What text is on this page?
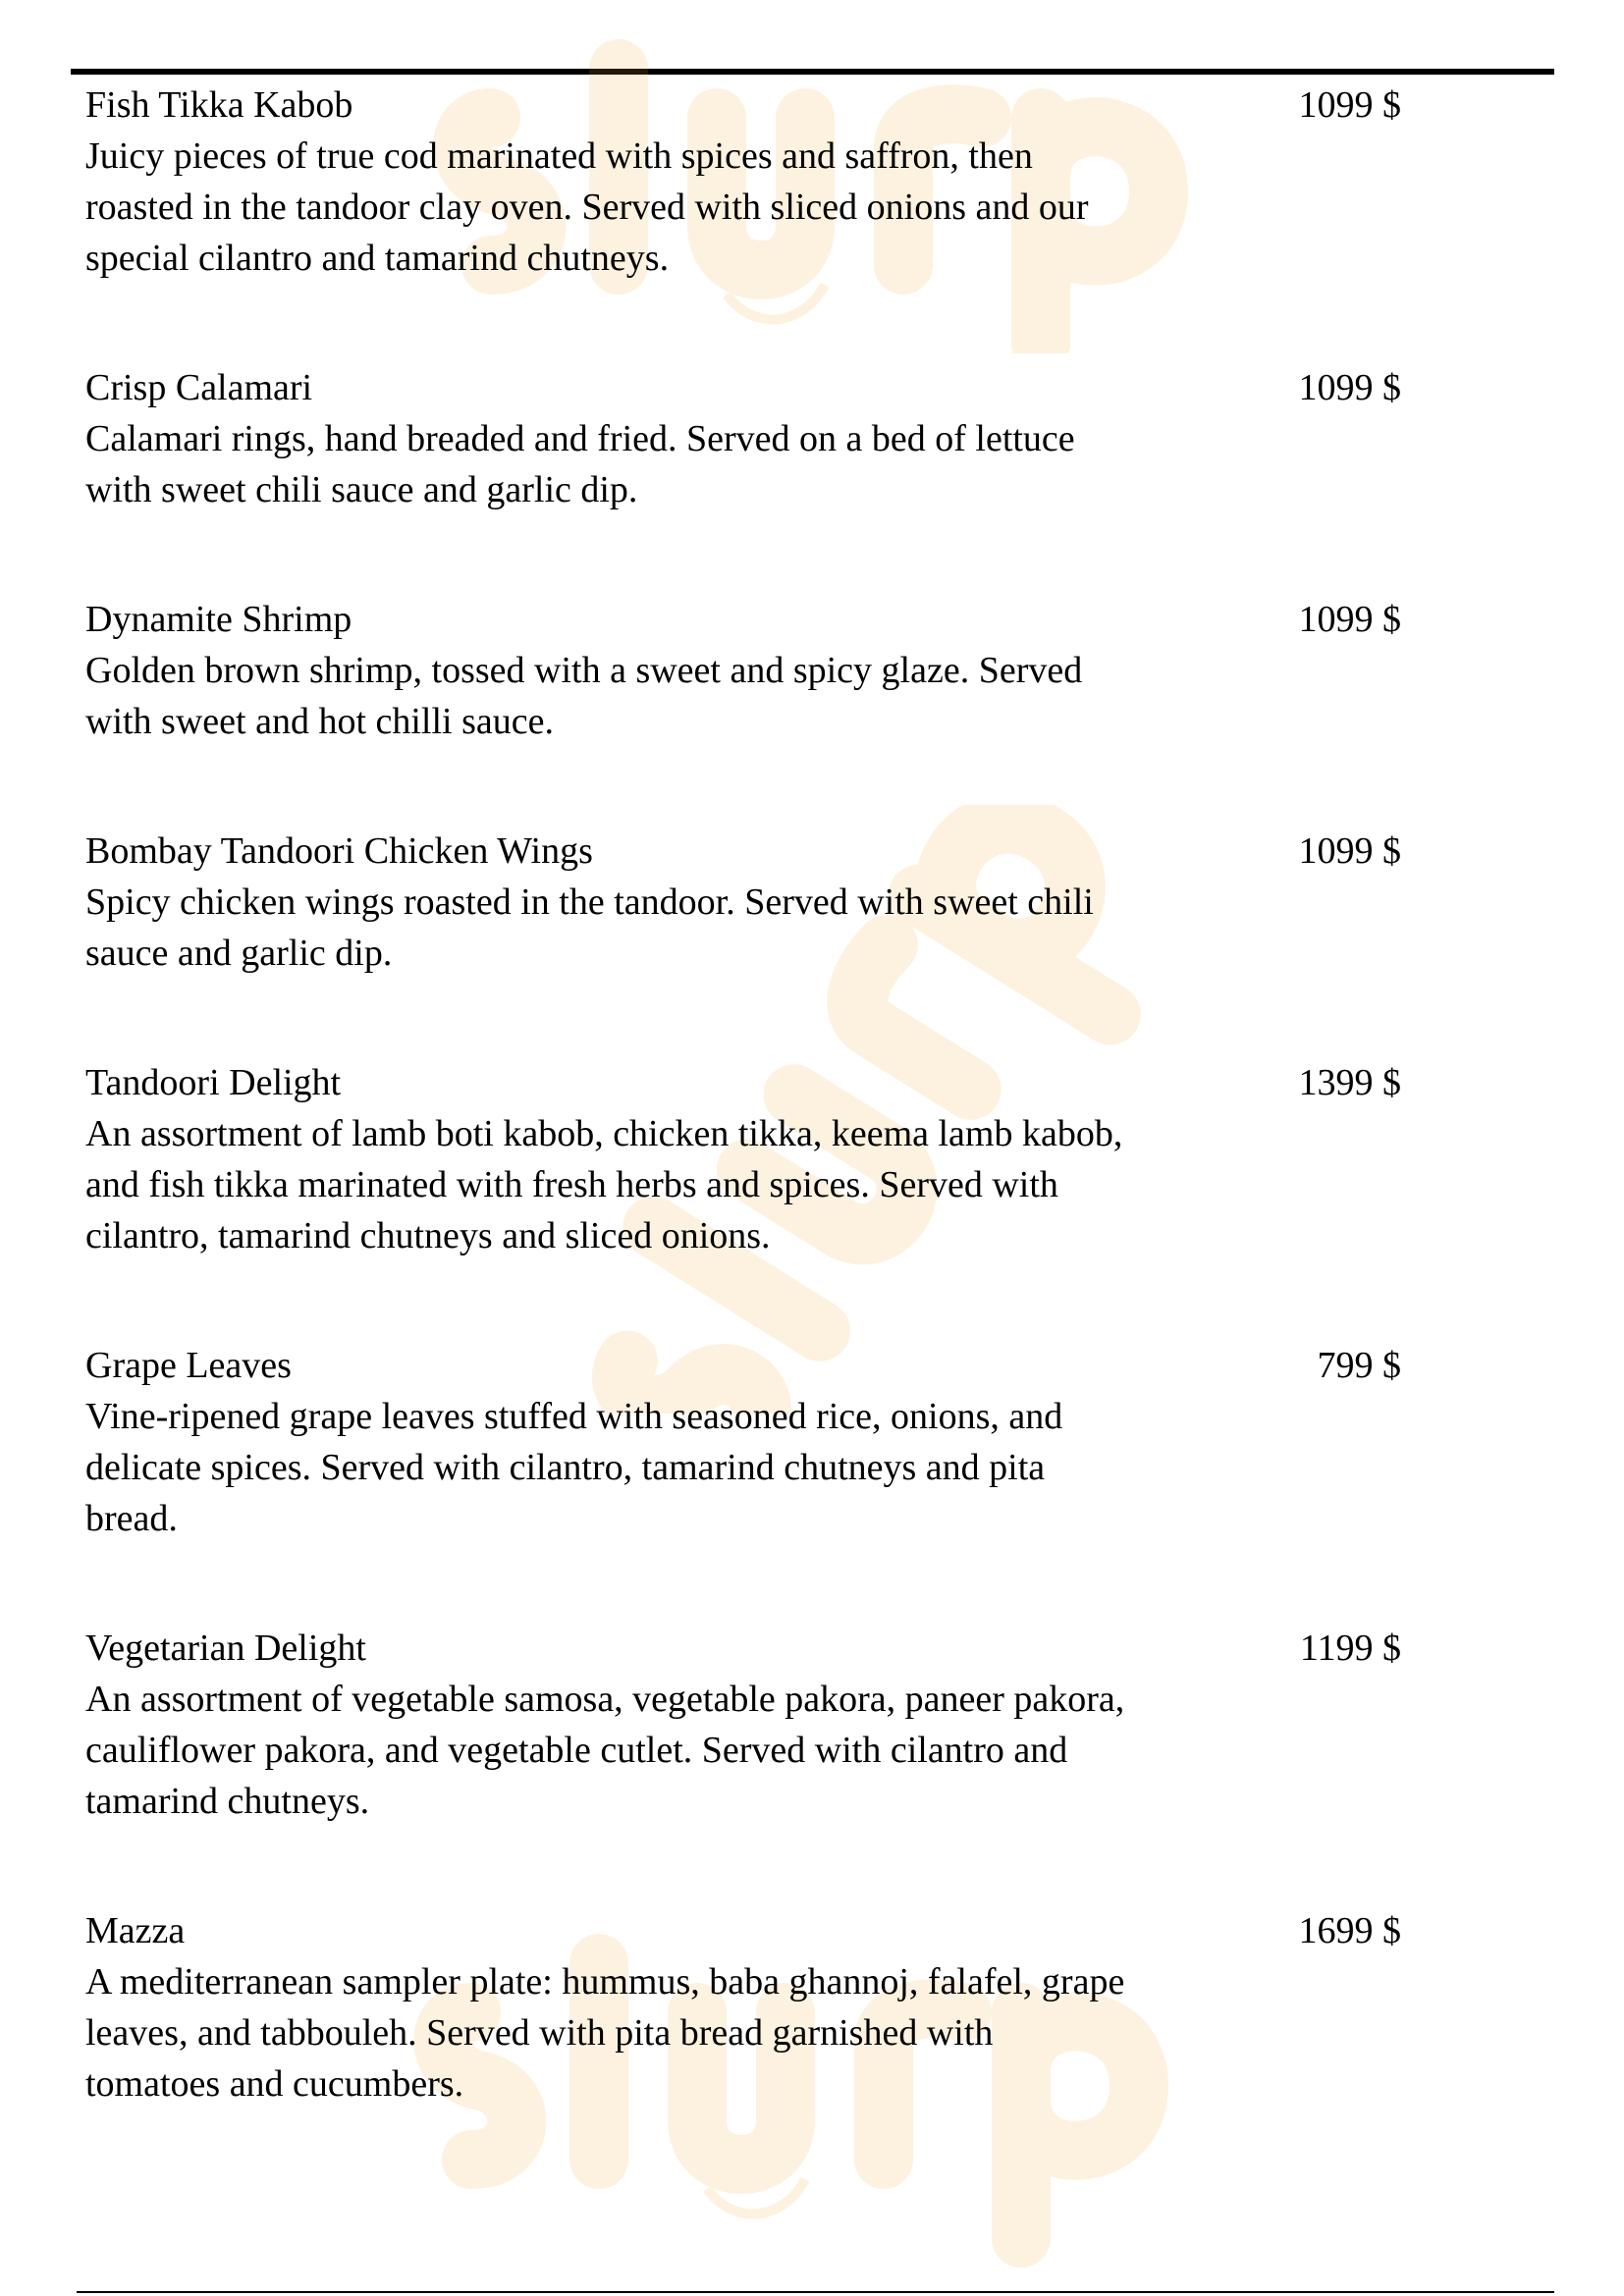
Fish Tikka Kabob
Juicy pieces of true cod marinated with spices and saffron, then
roasted in the tandoor clay oven. Served with sliced onions and our
special cilantro and tamarind chutneys.
1099 $
Crisp Calamari
Calamari rings, hand breaded and fried. Served on a bed of lettuce
with sweet chili sauce and garlic dip.
1099 $
Dynamite Shrimp
Golden brown shrimp, tossed with a sweet and spicy glaze. Served
with sweet and hot chilli sauce.
1099 $
Bombay Tandoori Chicken Wings
Spicy chicken wings roasted in the tandoor. Served with sweet chili
sauce and garlic dip.
1099 $
Tandoori Delight
An assortment of lamb boti kabob, chicken tikka, keema lamb kabob,
and fish tikka marinated with fresh herbs and spices. Served with
cilantro, tamarind chutneys and sliced onions.
1399 $
Grape Leaves
Vine-ripened grape leaves stuffed with seasoned rice, onions, and
delicate spices. Served with cilantro, tamarind chutneys and pita
bread.
799 $
Vegetarian Delight
An assortment of vegetable samosa, vegetable pakora, paneer pakora,
cauliflower pakora, and vegetable cutlet. Served with cilantro and
tamarind chutneys.
1199 $
Mazza
A mediterranean sampler plate: hummus, baba ghannoj, falafel, grape
leaves, and tabbouleh. Served with pita bread garnished with
tomatoes and cucumbers.
1699 $
